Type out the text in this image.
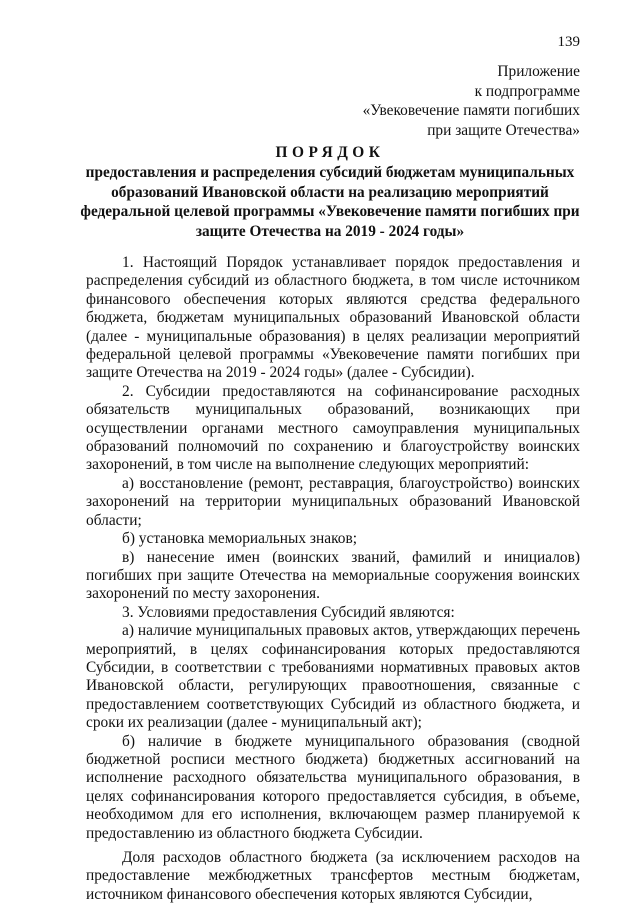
139
Приложение
к подпрограмме
«Увековечение памяти погибших
при защите Отечества»
ПОРЯДОК
предоставления и распределения субсидий бюджетам муниципальных образований Ивановской области на реализацию мероприятий федеральной целевой программы «Увековечение памяти погибших при защите Отечества на 2019 - 2024 годы»

1. Настоящий Порядок устанавливает порядок предоставления и распределения субсидий из областного бюджета, в том числе источником финансового обеспечения которых являются средства федерального бюджета, бюджетам муниципальных образований Ивановской области (далее - муниципальные образования) в целях реализации мероприятий федеральной целевой программы «Увековечение памяти погибших при защите Отечества на 2019 - 2024 годы» (далее - Субсидии).

2. Субсидии предоставляются на софинансирование расходных обязательств муниципальных образований, возникающих при осуществлении органами местного самоуправления муниципальных образований полномочий по сохранению и благоустройству воинских захоронений, в том числе на выполнение следующих мероприятий:

а) восстановление (ремонт, реставрация, благоустройство) воинских захоронений на территории муниципальных образований Ивановской области;

б) установка мемориальных знаков;

в) нанесение имен (воинских званий, фамилий и инициалов) погибших при защите Отечества на мемориальные сооружения воинских захоронений по месту захоронения.

3. Условиями предоставления Субсидий являются:

а) наличие муниципальных правовых актов, утверждающих перечень мероприятий, в целях софинансирования которых предоставляются Субсидии, в соответствии с требованиями нормативных правовых актов Ивановской области, регулирующих правоотношения, связанные с предоставлением соответствующих Субсидий из областного бюджета, и сроки их реализации (далее - муниципальный акт);

б) наличие в бюджете муниципального образования (сводной бюджетной росписи местного бюджета) бюджетных ассигнований на исполнение расходного обязательства муниципального образования, в целях софинансирования которого предоставляется субсидия, в объеме, необходимом для его исполнения, включающем размер планируемой к предоставлению из областного бюджета Субсидии.

Доля расходов областного бюджета (за исключением расходов на предоставление межбюджетных трансфертов местным бюджетам, источником финансового обеспечения которых являются Субсидии,
